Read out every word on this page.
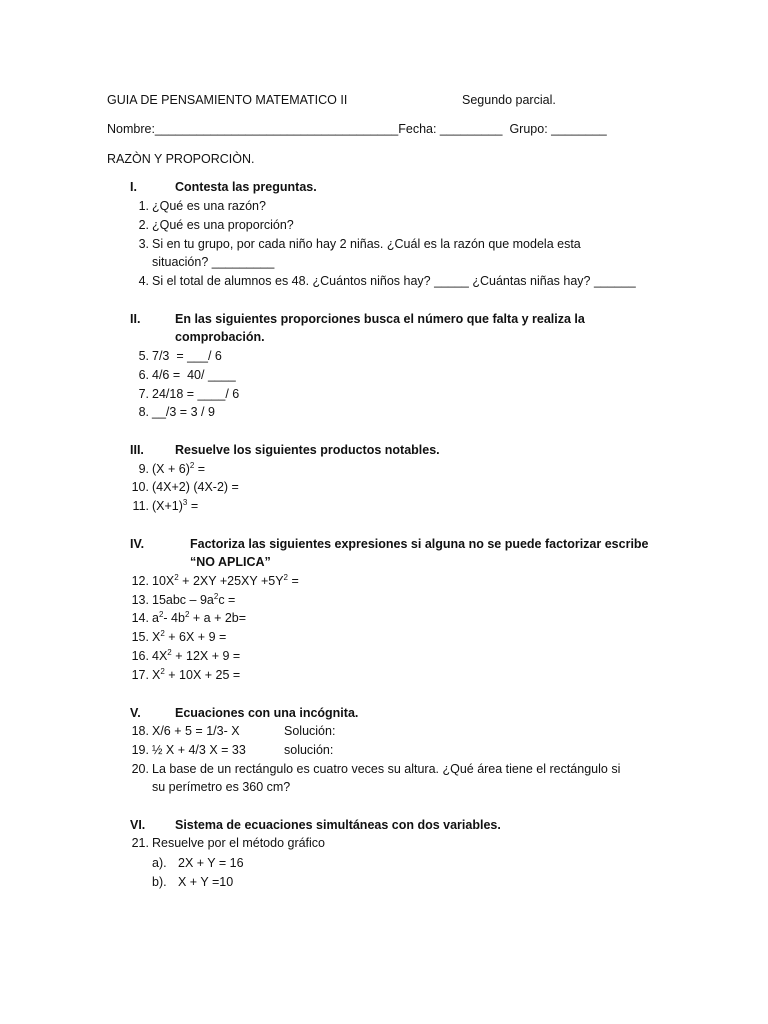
GUIA DE PENSAMIENTO MATEMATICO II	Segundo parcial.
Nombre:___________________________________Fecha: _________  Grupo: ________
RAZÒN Y PROPORCIÒN.
I.	Contesta las preguntas.
1. ¿Qué es una razón?
2. ¿Qué es una proporción?
3. Si en tu grupo, por cada niño hay 2 niñas. ¿Cuál es la razón que modela esta
situación? _________
4. Si el total de alumnos es 48. ¿Cuántos niños hay? _____ ¿Cuántas niñas hay? ______
II.	En las siguientes proporciones busca el número que falta y realiza la
comprobación.
5. 7/3  = ___/ 6
6. 4/6 =  40/ ____
7. 24/18 = ____/ 6
8. __/3 = 3 / 9
III. Resuelve los siguientes productos notables.
9. $(X + 6)^2$ =
10. (4X+2) (4X-2) =
11. $(X+1)^3$ =
IV.	Factoriza las siguientes expresiones si alguna no se puede factorizar escribe
“NO APLICA”
12. $10X^2 + 2XY +25XY +5Y^2$ =
13. $15abc - 9a^2c$ =
14. $a^2-$ $4b^2 + a + 2b=$
15. $X^2 + 6X + 9$ =
16. $4X^2 + 12X + 9$ =
17. $X^2 + 10X + 25$ =
V.	Ecuaciones con una incógnita.
18. X/6 + 5 = 1/3- X	Solución:
19. ½ X + 4/3 X = 33	solución:
20. La base de un rectángulo es cuatro veces su altura. ¿Qué área tiene el rectángulo si
su perímetro es 360 cm?
VI. Sistema de ecuaciones simultáneas con dos variables.
21. Resuelve por el método gráfico
a). 2X + Y = 16
b). X + Y =10
